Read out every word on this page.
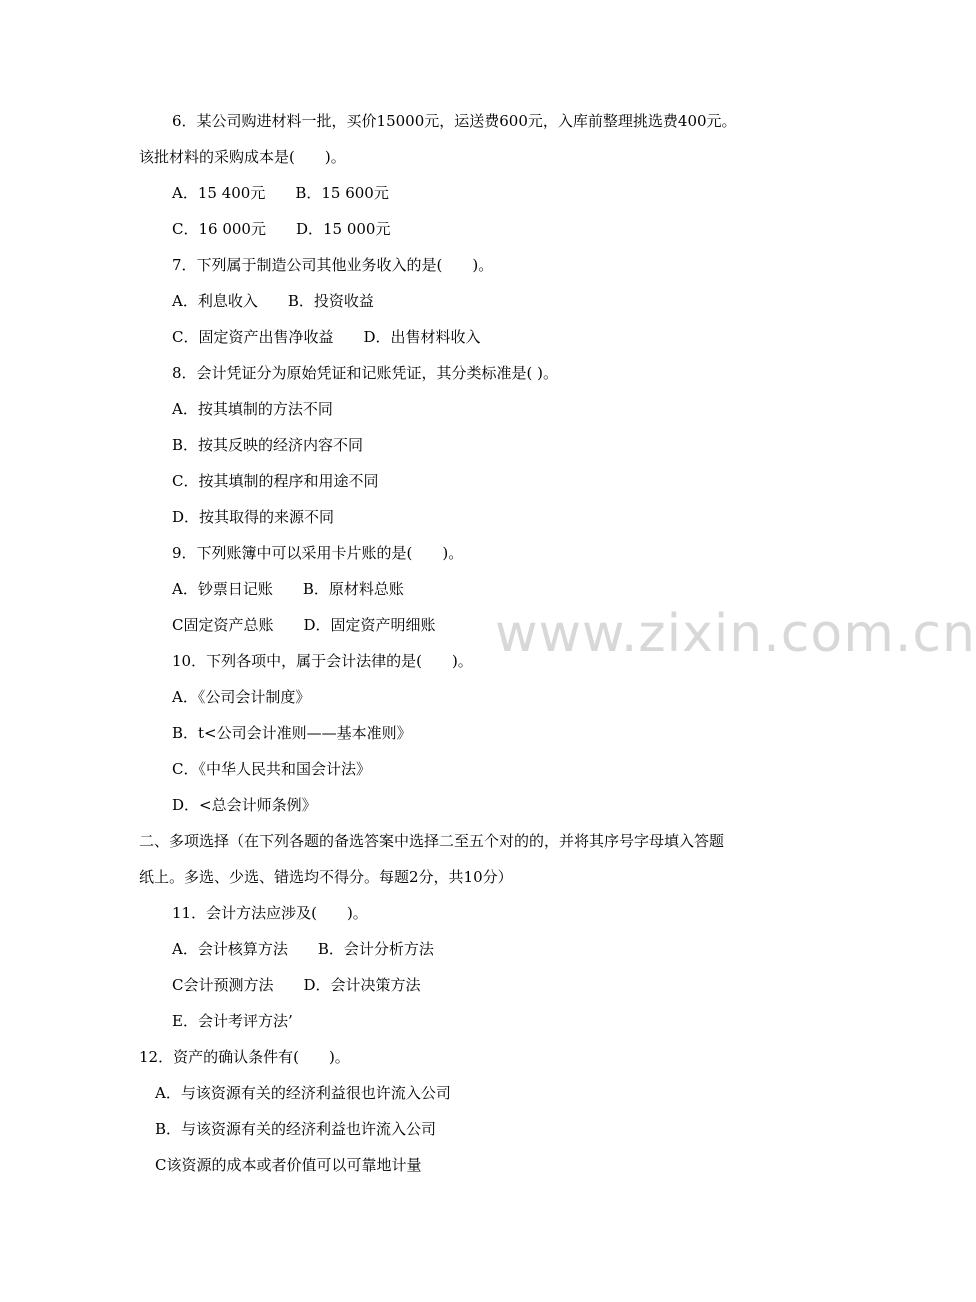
www.zixin.com.cn
6．某公司购进材料一批，买价15000元，运送费600元，入库前整理挑选费400元。
该批材料的采购成本是(　　)。
A．15 400元　　B．15 600元
C．16 000元　　D．15 000元
7．下列属于制造公司其他业务收入的是(　　)。
A．利息收入　　B．投资收益
C．固定资产出售净收益　　D．出售材料收入
8．会计凭证分为原始凭证和记账凭证，其分类标准是( )。
A．按其填制的方法不同
B．按其反映的经济内容不同
C．按其填制的程序和用途不同
D．按其取得的来源不同
9．下列账簿中可以采用卡片账的是(　　)。
A．钞票日记账　　B．原材料总账
C固定资产总账　　D．固定资产明细账
10．下列各项中，属于会计法律的是(　　)。
A．《公司会计制度》
B．t<公司会计准则——基本准则》
C．《中华人民共和国会计法》
D．<总会计师条例》
二、多项选择（在下列各题的备选答案中选择二至五个对的的，并将其序号字母填入答题
纸上。多选、少选、错选均不得分。每题2分，共10分）
11．会计方法应涉及(　　)。
A．会计核算方法　　B．会计分析方法
C会计预测方法　　D．会计决策方法
E．会计考评方法’
12．资产的确认条件有(　　)。
A．与该资源有关的经济利益很也许流入公司
B．与该资源有关的经济利益也许流入公司
C该资源的成本或者价值可以可靠地计量
